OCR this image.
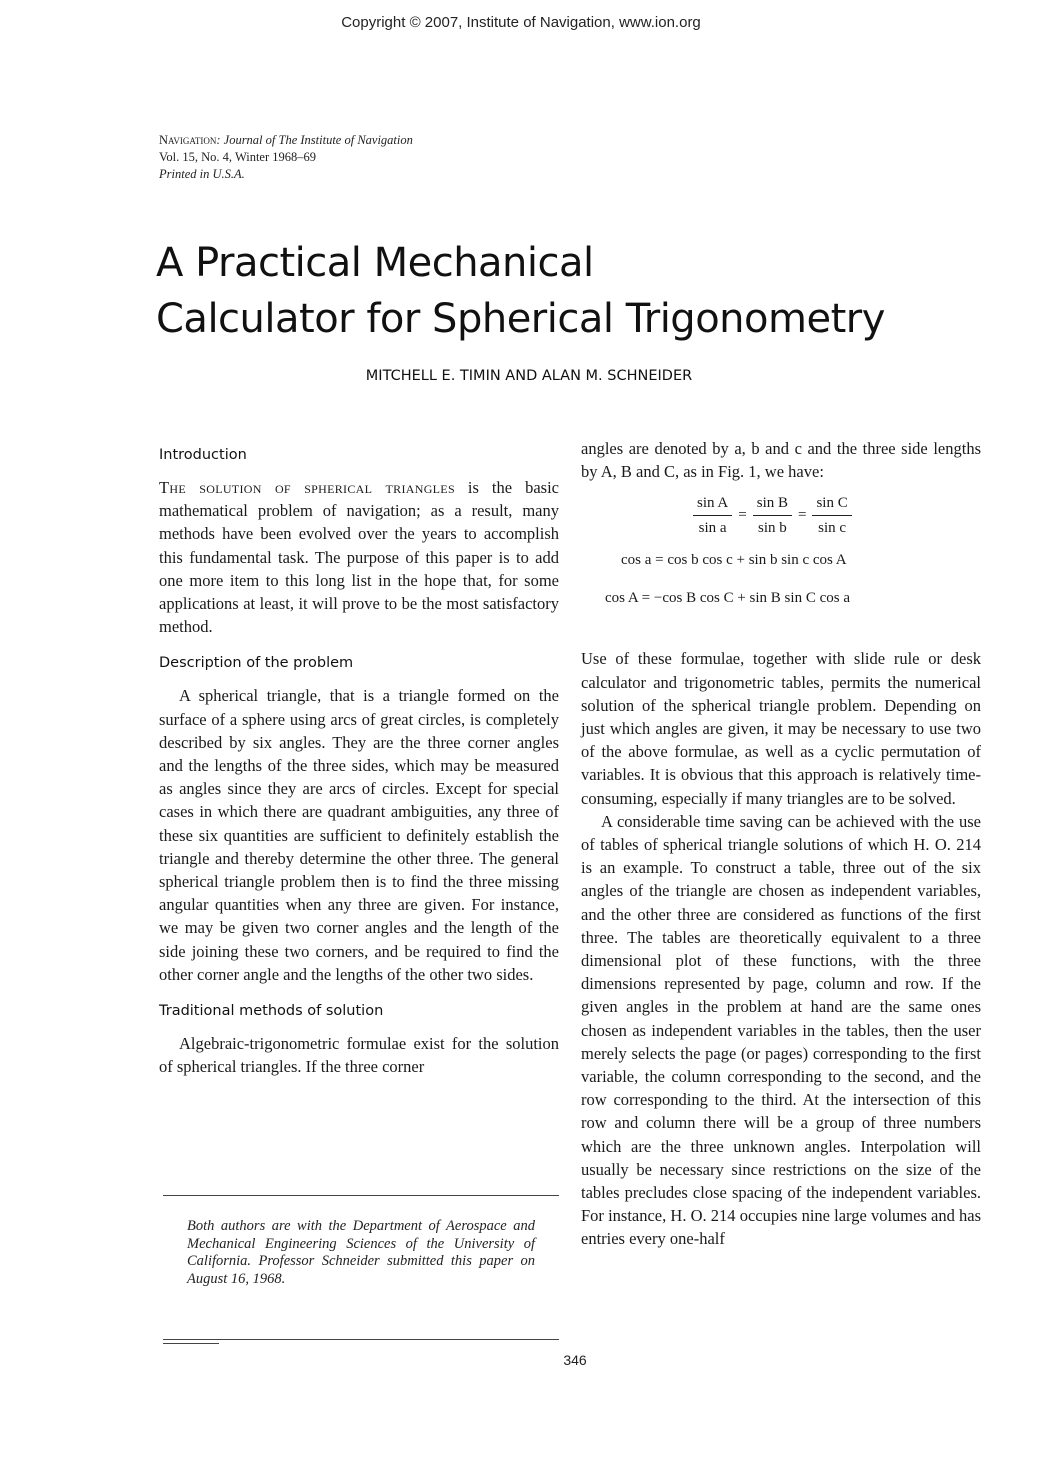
Copyright © 2007, Institute of Navigation, www.ion.org
Navigation: Journal of The Institute of Navigation
Vol. 15, No. 4, Winter 1968–69
Printed in U.S.A.
A Practical Mechanical
Calculator for Spherical Trigonometry
MITCHELL E. TIMIN AND ALAN M. SCHNEIDER
Introduction

The solution of spherical triangles is the basic mathematical problem of navigation; as a result, many methods have been evolved over the years to accomplish this fundamental task. The purpose of this paper is to add one more item to this long list in the hope that, for some applications at least, it will prove to be the most satisfactory method.

Description of the problem

A spherical triangle, that is a triangle formed on the surface of a sphere using arcs of great circles, is completely described by six angles. They are the three corner angles and the lengths of the three sides, which may be measured as angles since they are arcs of circles. Except for special cases in which there are quadrant ambiguities, any three of these six quantities are sufficient to definitely establish the triangle and thereby determine the other three. The general spherical triangle problem then is to find the three missing angular quantities when any three are given. For instance, we may be given two corner angles and the length of the side joining these two corners, and be required to find the other corner angle and the lengths of the other two sides.

Traditional methods of solution

Algebraic-trigonometric formulae exist for the solution of spherical triangles. If the three corner

Both authors are with the Department of Aerospace and Mechanical Engineering Sciences of the University of California. Professor Schneider submitted this paper on August 16, 1968.

angles are denoted by a, b and c and the three side lengths by A, B and C, as in Fig. 1, we have:

$\frac{\text{sin A}}{\text{sin a}} = \frac{\text{sin B}}{\text{sin b}} = \frac{\text{sin C}}{\text{sin c}}$
cos a = cos b cos c + sin b sin c cos A
cos A = −cos B cos C + sin B sin C cos a

Use of these formulae, together with slide rule or desk calculator and trigonometric tables, permits the numerical solution of the spherical triangle problem. Depending on just which angles are given, it may be necessary to use two of the above formulae, as well as a cyclic permutation of variables. It is obvious that this approach is relatively time-consuming, especially if many triangles are to be solved.

A considerable time saving can be achieved with the use of tables of spherical triangle solutions of which H. O. 214 is an example. To construct a table, three out of the six angles of the triangle are chosen as independent variables, and the other three are considered as functions of the first three. The tables are theoretically equivalent to a three dimensional plot of these functions, with the three dimensions represented by page, column and row. If the given angles in the problem at hand are the same ones chosen as independent variables in the tables, then the user merely selects the page (or pages) corresponding to the first variable, the column corresponding to the second, and the row corresponding to the third. At the intersection of this row and column there will be a group of three numbers which are the three unknown angles. Interpolation will usually be necessary since restrictions on the size of the tables precludes close spacing of the independent variables. For instance, H. O. 214 occupies nine large volumes and has entries every one-half

346
